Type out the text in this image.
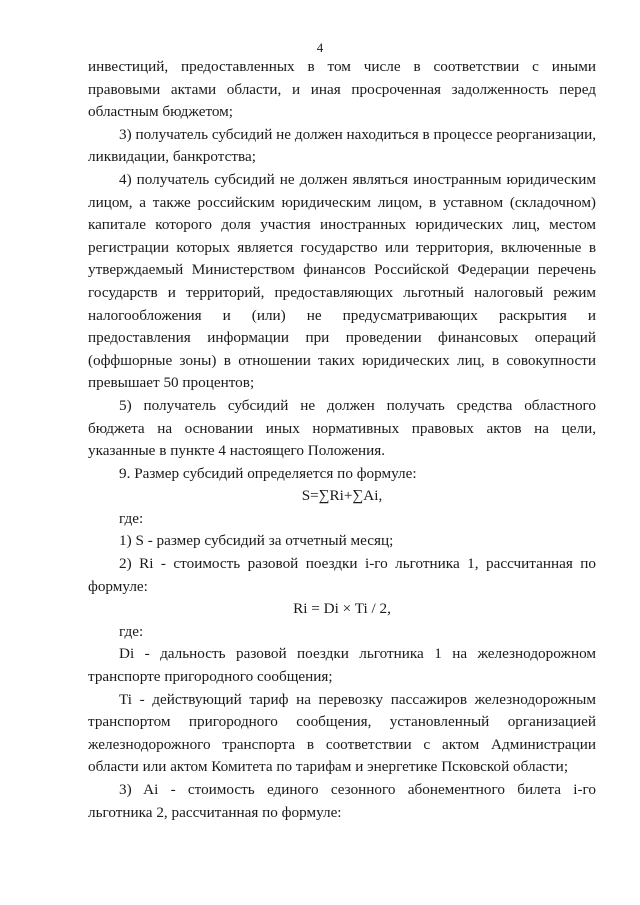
4

инвестиций, предоставленных в том числе в соответствии с иными правовыми актами области, и иная просроченная задолженность перед областным бюджетом;

3) получатель субсидий не должен находиться в процессе реорганизации, ликвидации, банкротства;

4) получатель субсидий не должен являться иностранным юридическим лицом, а также российским юридическим лицом, в уставном (складочном) капитале которого доля участия иностранных юридических лиц, местом регистрации которых является государство или территория, включенные в утверждаемый Министерством финансов Российской Федерации перечень государств и территорий, предоставляющих льготный налоговый режим налогообложения и (или) не предусматривающих раскрытия и предоставления информации при проведении финансовых операций (оффшорные зоны) в отношении таких юридических лиц, в совокупности превышает 50 процентов;

5) получатель субсидий не должен получать средства областного бюджета на основании иных нормативных правовых актов на цели, указанные в пункте 4 настоящего Положения.

9. Размер субсидий определяется по формуле:

S=∑Ri+∑Ai,

где:

1) S - размер субсидий за отчетный месяц;

2) Ri - стоимость разовой поездки i-го льготника 1, рассчитанная по формуле:

Ri = Di × Ti / 2,

где:

Di - дальность разовой поездки льготника 1 на железнодорожном транспорте пригородного сообщения;

Ti - действующий тариф на перевозку пассажиров железнодорожным транспортом пригородного сообщения, установленный организацией железнодорожного транспорта в соответствии с актом Администрации области или актом Комитета по тарифам и энергетике Псковской области;

3) Ai - стоимость единого сезонного абонементного билета i-го льготника 2, рассчитанная по формуле:
